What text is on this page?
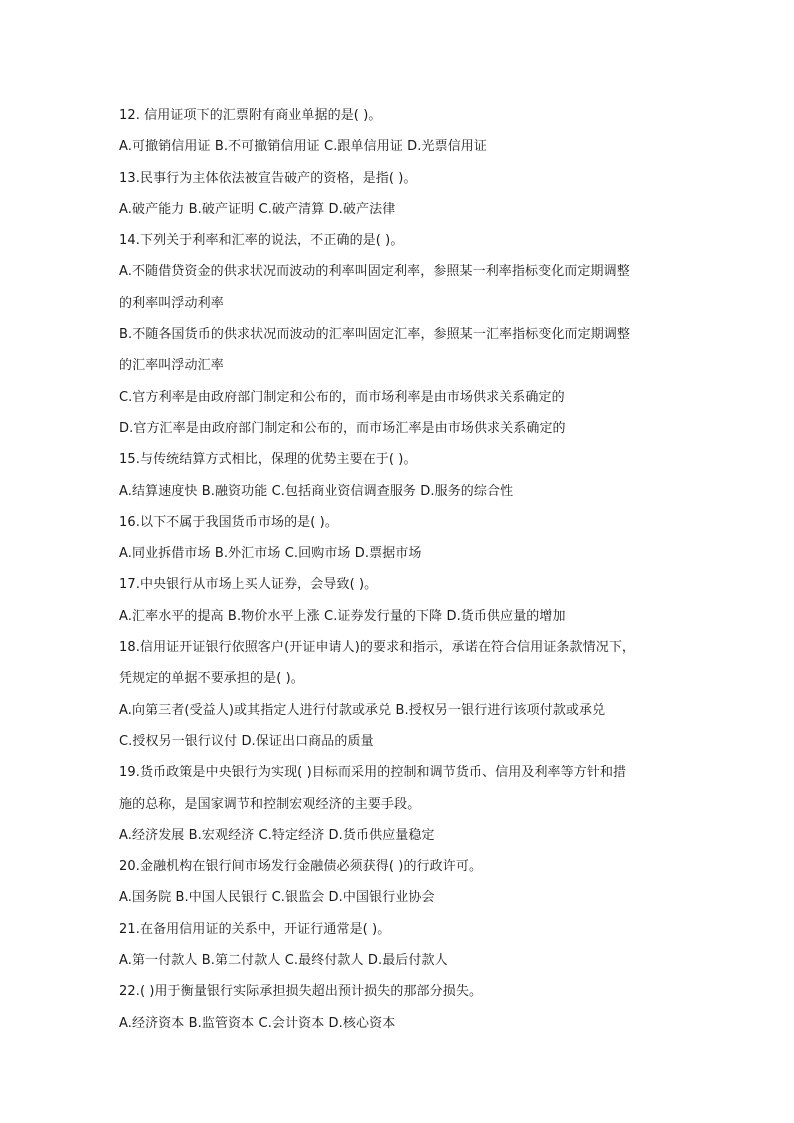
12. 信用证项下的汇票附有商业单据的是( )。
A.可撤销信用证 B.不可撤销信用证 C.跟单信用证 D.光票信用证
13.民事行为主体依法被宣告破产的资格，是指( )。
A.破产能力 B.破产证明 C.破产清算 D.破产法律
14.下列关于利率和汇率的说法，不正确的是( )。
A.不随借贷资金的供求状况而波动的利率叫固定利率，参照某一利率指标变化而定期调整
的利率叫浮动利率
B.不随各国货币的供求状况而波动的汇率叫固定汇率，参照某一汇率指标变化而定期调整
的汇率叫浮动汇率
C.官方利率是由政府部门制定和公布的，而市场利率是由市场供求关系确定的
D.官方汇率是由政府部门制定和公布的，而市场汇率是由市场供求关系确定的
15.与传统结算方式相比，保理的优势主要在于( )。
A.结算速度快 B.融资功能 C.包括商业资信调查服务 D.服务的综合性
16.以下不属于我国货币市场的是( )。
A.同业拆借市场 B.外汇市场 C.回购市场 D.票据市场
17.中央银行从市场上买人证券，会导致( )。
A.汇率水平的提高 B.物价水平上涨 C.证券发行量的下降 D.货币供应量的增加
18.信用证开证银行依照客户(开证申请人)的要求和指示，承诺在符合信用证条款情况下，
凭规定的单据不要承担的是( )。
A.向第三者(受益人)或其指定人进行付款或承兑 B.授权另一银行进行该项付款或承兑
C.授权另一银行议付 D.保证出口商品的质量
19.货币政策是中央银行为实现( )目标而采用的控制和调节货币、信用及利率等方针和措
施的总称，是国家调节和控制宏观经济的主要手段。
A.经济发展 B.宏观经济 C.特定经济 D.货币供应量稳定
20.金融机构在银行间市场发行金融债必须获得( )的行政许可。
A.国务院 B.中国人民银行 C.银监会 D.中国银行业协会
21.在备用信用证的关系中，开证行通常是( )。
A.第一付款人 B.第二付款人 C.最终付款人 D.最后付款人
22.( )用于衡量银行实际承担损失超出预计损失的那部分损失。
A.经济资本 B.监管资本 C.会计资本 D.核心资本
